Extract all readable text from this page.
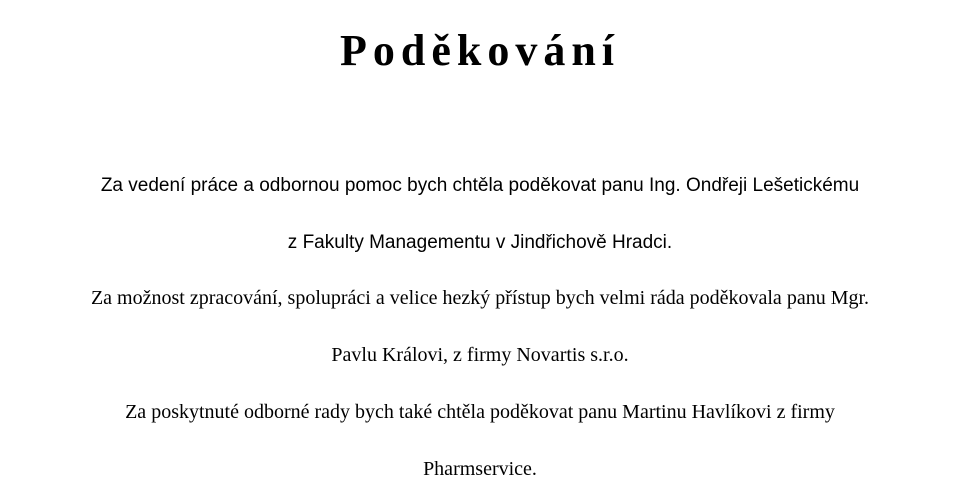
Poděkování
Za vedení práce a odbornou pomoc bych chtěla poděkovat panu Ing. Ondřeji Lešetickému
z Fakulty Managementu v Jindřichově Hradci.
Za možnost zpracování, spolupráci a velice hezký přístup bych velmi ráda poděkovala panu Mgr.
Pavlu Královi, z firmy Novartis s.r.o.
Za poskytnuté odborné rady bych také chtěla poděkovat panu Martinu Havlíkovi z firmy
Pharmservice.
